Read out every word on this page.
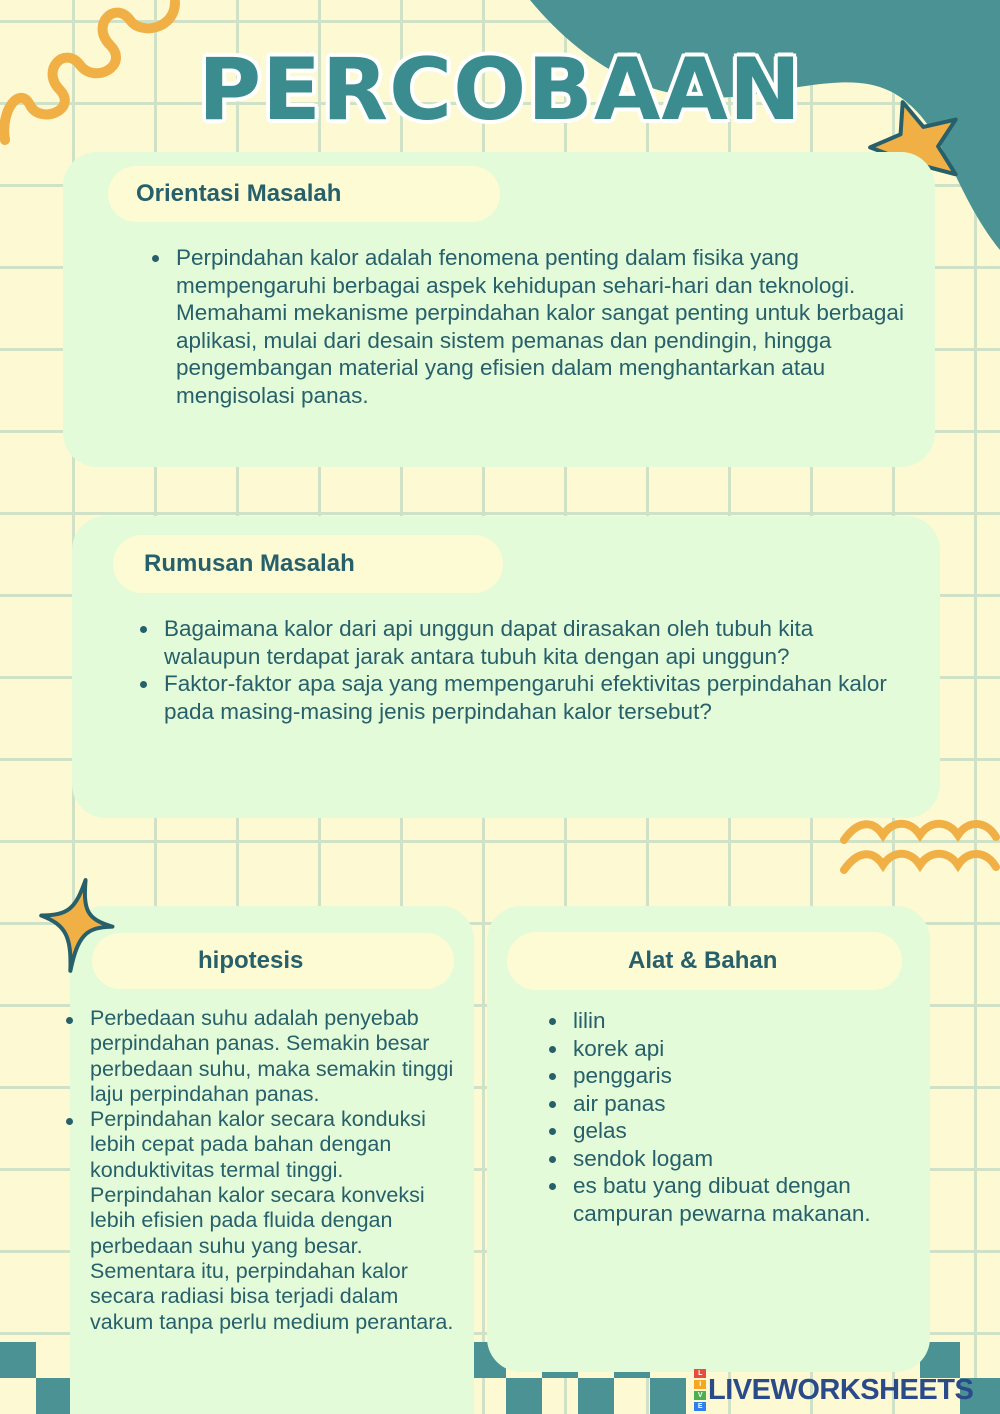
PERCOBAAN
Orientasi Masalah
Perpindahan kalor adalah fenomena penting dalam fisika yang mempengaruhi berbagai aspek kehidupan sehari-hari dan teknologi. Memahami mekanisme perpindahan kalor sangat penting untuk berbagai aplikasi, mulai dari desain sistem pemanas dan pendingin, hingga pengembangan material yang efisien dalam menghantarkan atau mengisolasi panas.
Rumusan Masalah
Bagaimana kalor dari api unggun dapat dirasakan oleh tubuh kita walaupun terdapat jarak antara tubuh kita dengan api unggun?
Faktor-faktor apa saja yang mempengaruhi efektivitas perpindahan kalor pada masing-masing jenis perpindahan kalor tersebut?
hipotesis
Perbedaan suhu adalah penyebab perpindahan panas. Semakin besar perbedaan suhu, maka semakin tinggi laju perpindahan panas.
Perpindahan kalor secara konduksi lebih cepat pada bahan dengan konduktivitas termal tinggi. Perpindahan kalor secara konveksi lebih efisien pada fluida dengan perbedaan suhu yang besar. Sementara itu, perpindahan kalor secara radiasi bisa terjadi dalam vakum tanpa perlu medium perantara.
Alat & Bahan
lilin
korek api
penggaris
air panas
gelas
sendok logam
es batu yang dibuat dengan campuran pewarna makanan.
L
I
V
E
LIVEWORKSHEETS
